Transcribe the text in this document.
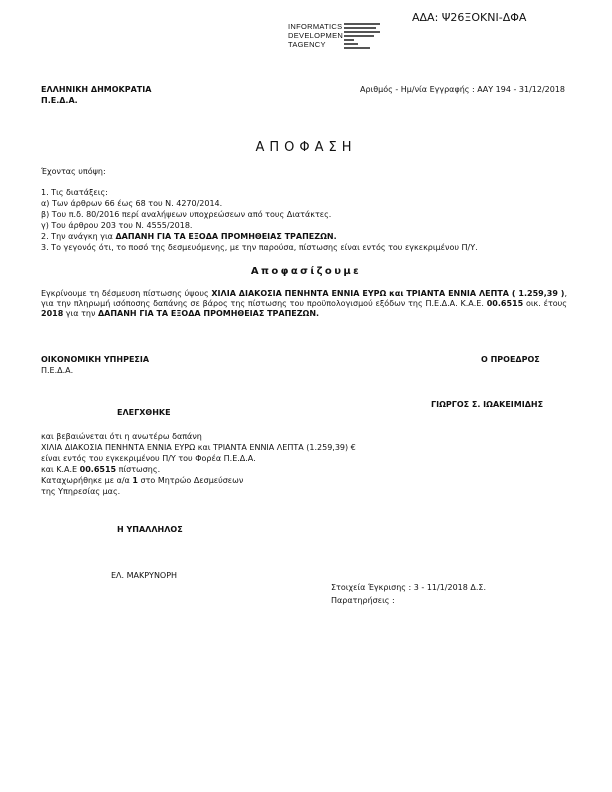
ΑΔΑ: Ψ26ΞΟΚΝΙ-ΔΦΑ
INFORMATICS
DEVELOPMEN
TAGENCY
ΕΛΛΗΝΙΚΗ ΔΗΜΟΚΡΑΤΙΑ
Π.Ε.Δ.Α.
Αριθμός - Ημ/νία Εγγραφής : ΑΑΥ 194 - 31/12/2018
ΑΠΟΦΑΣΗ
Έχοντας υπόψη:
1. Τις διατάξεις:
α) Των άρθρων 66 έως 68 του Ν. 4270/2014.
β) Του π.δ. 80/2016 περί αναλήψεων υποχρεώσεων από τους Διατάκτες.
γ) Του άρθρου 203 του Ν. 4555/2018.
2. Την ανάγκη για ΔΑΠΑΝΗ ΓΙΑ ΤΑ ΕΞΟΔΑ ΠΡΟΜΗΘΕΙΑΣ ΤΡΑΠΕΖΩΝ.
3. Το γεγονός ότι, το ποσό της δεσμευόμενης, με την παρούσα, πίστωσης είναι εντός του εγκεκριμένου Π/Υ.
Αποφασίζουμε
Εγκρίνουμε τη δέσμευση πίστωσης ύψους ΧΙΛΙΑ ΔΙΑΚΟΣΙΑ ΠΕΝΗΝΤΑ ΕΝΝΙΑ ΕΥΡΩ και ΤΡΙΑΝΤΑ ΕΝΝΙΑ ΛΕΠΤΑ ( 1.259,39 ), για την πληρωμή ισόποσης δαπάνης σε βάρος της πίστωσης του προϋπολογισμού εξόδων της Π.Ε.Δ.Α. Κ.Α.Ε. 00.6515 οικ. έτους 2018 για την ΔΑΠΑΝΗ ΓΙΑ ΤΑ ΕΞΟΔΑ ΠΡΟΜΗΘΕΙΑΣ ΤΡΑΠΕΖΩΝ.
ΟΙΚΟΝΟΜΙΚΗ ΥΠΗΡΕΣΙΑ
Π.Ε.Δ.Α.
Ο ΠΡΟΕΔΡΟΣ
ΓΙΩΡΓΟΣ Σ. ΙΩΑΚΕΙΜΙΔΗΣ
ΕΛΕΓΧΘΗΚΕ
και βεβαιώνεται ότι η ανωτέρω δαπάνη
ΧΙΛΙΑ ΔΙΑΚΟΣΙΑ ΠΕΝΗΝΤΑ ΕΝΝΙΑ ΕΥΡΩ και ΤΡΙΑΝΤΑ ΕΝΝΙΑ ΛΕΠΤΑ (1.259,39) €
είναι εντός του εγκεκριμένου Π/Υ του Φορέα Π.Ε.Δ.Α.
και Κ.Α.Ε 00.6515 πίστωσης.
Καταχωρήθηκε με α/α 1 στο Μητρώο Δεσμεύσεων
της Υπηρεσίας μας.
Η ΥΠΑΛΛΗΛΟΣ
ΕΛ. ΜΑΚΡΥΝΟΡΗ
Στοιχεία Έγκρισης : 3 - 11/1/2018 Δ.Σ.
Παρατηρήσεις :
